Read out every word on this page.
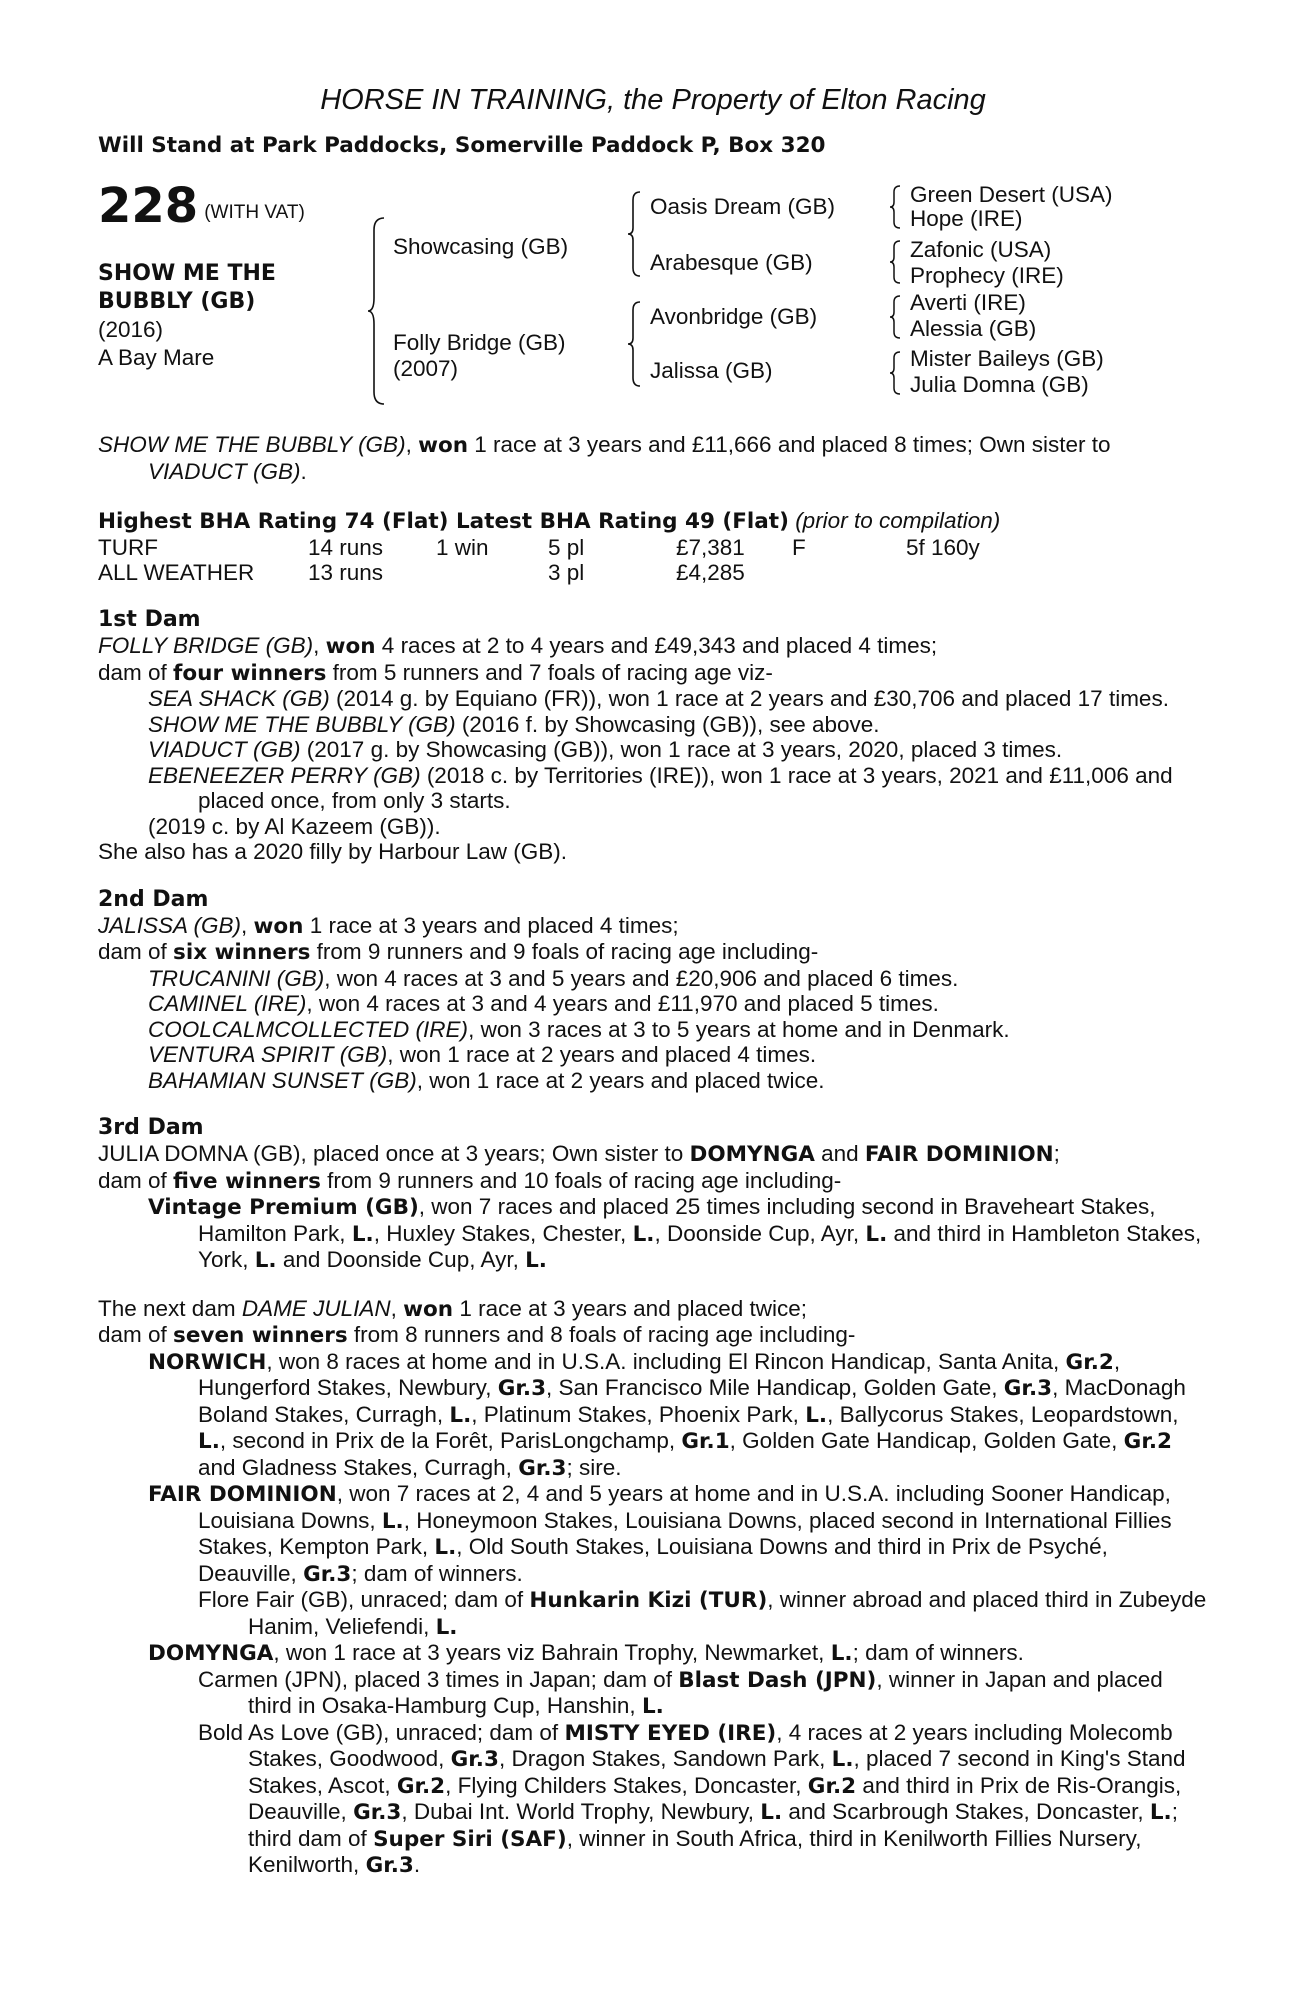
HORSE IN TRAINING, the Property of Elton Racing
Will Stand at Park Paddocks, Somerville Paddock P, Box 320
228 (WITH VAT)
SHOW ME THE
BUBBLY (GB)
(2016)
A Bay Mare
Showcasing (GB)
Folly Bridge (GB)
(2007)
Oasis Dream (GB)
Arabesque (GB)
Avonbridge (GB)
Jalissa (GB)
Green Desert (USA)
Hope (IRE)
Zafonic (USA)
Prophecy (IRE)
Averti (IRE)
Alessia (GB)
Mister Baileys (GB)
Julia Domna (GB)

SHOW ME THE BUBBLY (GB), won 1 race at 3 years and £11,666 and placed 8 times; Own sister to VIADUCT (GB).

Highest BHA Rating 74 (Flat) Latest BHA Rating 49 (Flat) (prior to compilation)
TURF	14 runs	1 win	5 pl	£7,381	F	5f 160y
ALL WEATHER	13 runs		3 pl	£4,285		
1st Dam

FOLLY BRIDGE (GB), won 4 races at 2 to 4 years and £49,343 and placed 4 times;

dam of four winners from 5 runners and 7 foals of racing age viz-

SEA SHACK (GB) (2014 g. by Equiano (FR)), won 1 race at 2 years and £30,706 and placed 17 times.

SHOW ME THE BUBBLY (GB) (2016 f. by Showcasing (GB)), see above.

VIADUCT (GB) (2017 g. by Showcasing (GB)), won 1 race at 3 years, 2020, placed 3 times.

EBENEEZER PERRY (GB) (2018 c. by Territories (IRE)), won 1 race at 3 years, 2021 and £11,006 and placed once, from only 3 starts.

(2019 c. by Al Kazeem (GB)).

She also has a 2020 filly by Harbour Law (GB).

2nd Dam

JALISSA (GB), won 1 race at 3 years and placed 4 times;

dam of six winners from 9 runners and 9 foals of racing age including-

TRUCANINI (GB), won 4 races at 3 and 5 years and £20,906 and placed 6 times.

CAMINEL (IRE), won 4 races at 3 and 4 years and £11,970 and placed 5 times.

COOLCALMCOLLECTED (IRE), won 3 races at 3 to 5 years at home and in Denmark.

VENTURA SPIRIT (GB), won 1 race at 2 years and placed 4 times.

BAHAMIAN SUNSET (GB), won 1 race at 2 years and placed twice.

3rd Dam

JULIA DOMNA (GB), placed once at 3 years; Own sister to DOMYNGA and FAIR DOMINION;

dam of five winners from 9 runners and 10 foals of racing age including-

Vintage Premium (GB), won 7 races and placed 25 times including second in Braveheart Stakes, Hamilton Park, L., Huxley Stakes, Chester, L., Doonside Cup, Ayr, L. and third in Hambleton Stakes, York, L. and Doonside Cup, Ayr, L.

The next dam DAME JULIAN, won 1 race at 3 years and placed twice;

dam of seven winners from 8 runners and 8 foals of racing age including-

NORWICH, won 8 races at home and in U.S.A. including El Rincon Handicap, Santa Anita, Gr.2, Hungerford Stakes, Newbury, Gr.3, San Francisco Mile Handicap, Golden Gate, Gr.3, MacDonagh Boland Stakes, Curragh, L., Platinum Stakes, Phoenix Park, L., Ballycorus Stakes, Leopardstown, L., second in Prix de la Forêt, ParisLongchamp, Gr.1, Golden Gate Handicap, Golden Gate, Gr.2 and Gladness Stakes, Curragh, Gr.3; sire.

FAIR DOMINION, won 7 races at 2, 4 and 5 years at home and in U.S.A. including Sooner Handicap, Louisiana Downs, L., Honeymoon Stakes, Louisiana Downs, placed second in International Fillies Stakes, Kempton Park, L., Old South Stakes, Louisiana Downs and third in Prix de Psyché, Deauville, Gr.3; dam of winners.

Flore Fair (GB), unraced; dam of Hunkarin Kizi (TUR), winner abroad and placed third in Zubeyde Hanim, Veliefendi, L.

DOMYNGA, won 1 race at 3 years viz Bahrain Trophy, Newmarket, L.; dam of winners.

Carmen (JPN), placed 3 times in Japan; dam of Blast Dash (JPN), winner in Japan and placed third in Osaka-Hamburg Cup, Hanshin, L.

Bold As Love (GB), unraced; dam of MISTY EYED (IRE), 4 races at 2 years including Molecomb Stakes, Goodwood, Gr.3, Dragon Stakes, Sandown Park, L., placed 7 second in King's Stand Stakes, Ascot, Gr.2, Flying Childers Stakes, Doncaster, Gr.2 and third in Prix de Ris-Orangis, Deauville, Gr.3, Dubai Int. World Trophy, Newbury, L. and Scarbrough Stakes, Doncaster, L.; third dam of Super Siri (SAF), winner in South Africa, third in Kenilworth Fillies Nursery, Kenilworth, Gr.3.
